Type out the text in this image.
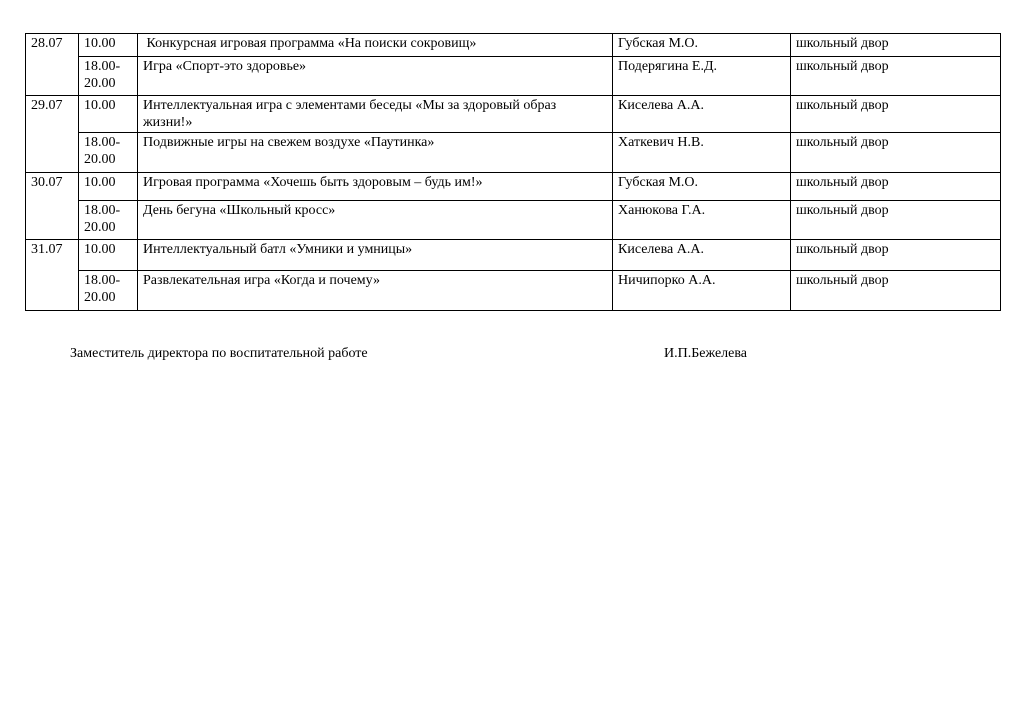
28.07	10.00	Конкурсная игровая программа «На поиски сокровищ»	Губская М.О.	школьный двор
	18.00-20.00	Игра «Спорт-это здоровье»	Подерягина Е.Д.	школьный двор
29.07	10.00	Интеллектуальная игра с элементами беседы «Мы за здоровый образ жизни!»	Киселева А.А.	школьный двор
	18.00-20.00	Подвижные игры на свежем воздухе «Паутинка»	Хаткевич Н.В.	школьный двор
30.07	10.00	Игровая программа «Хочешь быть здоровым – будь им!»	Губская М.О.	школьный двор
	18.00-20.00	День бегуна «Школьный кросс»	Ханюкова Г.А.	школьный двор
31.07	10.00	Интеллектуальный батл «Умники и умницы»	Киселева А.А.	школьный двор
	18.00-20.00	Развлекательная игра «Когда и почему»	Ничипорко А.А.	школьный двор
Заместитель директора по воспитательной работе	И.П.Бежелева
